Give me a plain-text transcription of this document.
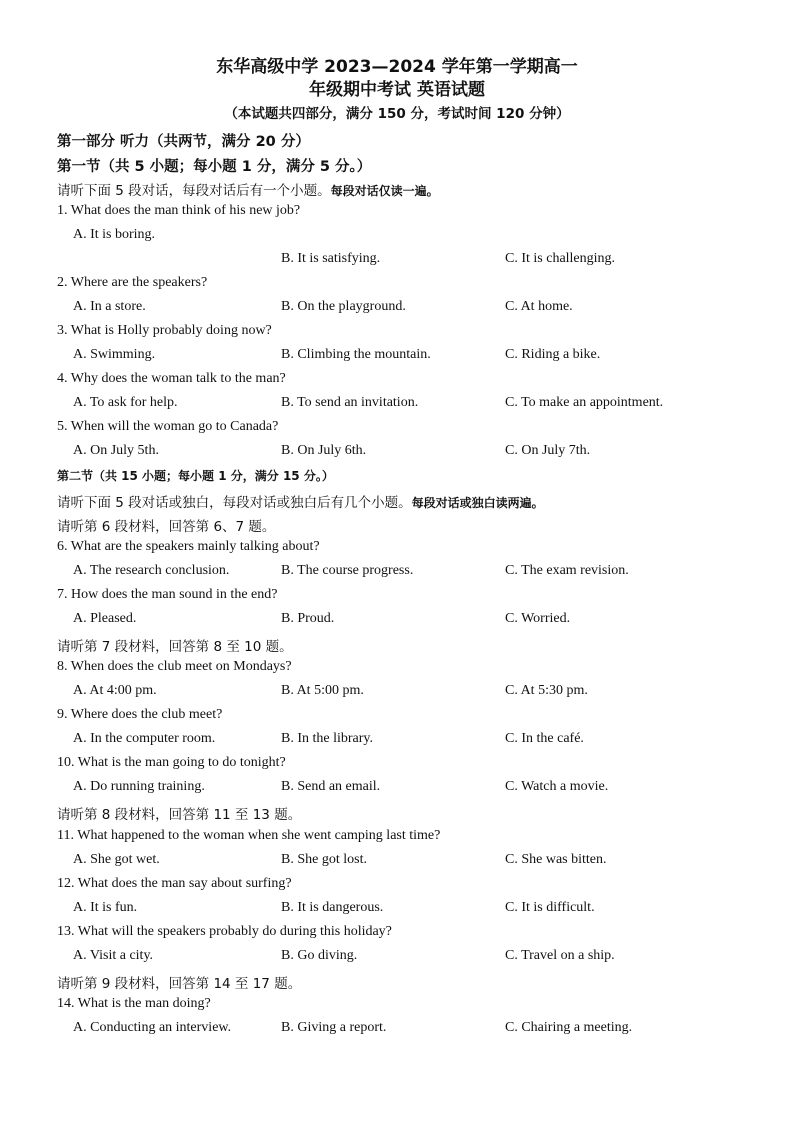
东华高级中学 2023—2024 学年第一学期高一
年级期中考试 英语试题
（本试题共四部分，满分 150 分，考试时间 120 分钟）
第一部分 听力（共两节，满分 20 分）
第一节（共 5 小题；每小题 1 分，满分 5 分。）
请听下面 5 段对话，每段对话后有一个小题。每段对话仅读一遍。
1. What does the man think of his new job?
A. It is boring.
B. It is satisfying.	C. It is challenging.
2. Where are the speakers?
A. In a store.	B. On the playground.	C. At home.
3. What is Holly probably doing now?
A. Swimming.	B. Climbing the mountain.	C. Riding a bike.
4. Why does the woman talk to the man?
A. To ask for help.	B. To send an invitation.	C. To make an appointment.
5. When will the woman go to Canada?
A. On July 5th.	B. On July 6th.	C. On July 7th.
第二节（共 15 小题；每小题 1 分，满分 15 分。）
请听下面 5 段对话或独白，每段对话或独白后有几个小题。每段对话或独白读两遍。
请听第 6 段材料，回答第 6、7 题。
6. What are the speakers mainly talking about?
A. The research conclusion.	B. The course progress.	C. The exam revision.
7. How does the man sound in the end?
A. Pleased.	B. Proud.	C. Worried.
请听第 7 段材料，回答第 8 至 10 题。
8. When does the club meet on Mondays?
A. At 4:00 pm.	B. At 5:00 pm.	C. At 5:30 pm.
9. Where does the club meet?
A. In the computer room.	B. In the library.	C. In the café.
10. What is the man going to do tonight?
A. Do running training.	B. Send an email.	C. Watch a movie.
请听第 8 段材料，回答第 11 至 13 题。
11. What happened to the woman when she went camping last time?
A. She got wet.	B. She got lost.	C. She was bitten.
12. What does the man say about surfing?
A. It is fun.	B. It is dangerous.	C. It is difficult.
13. What will the speakers probably do during this holiday?
A. Visit a city.	B. Go diving.	C. Travel on a ship.
请听第 9 段材料，回答第 14 至 17 题。
14. What is the man doing?
A. Conducting an interview.	B. Giving a report.	C. Chairing a meeting.
